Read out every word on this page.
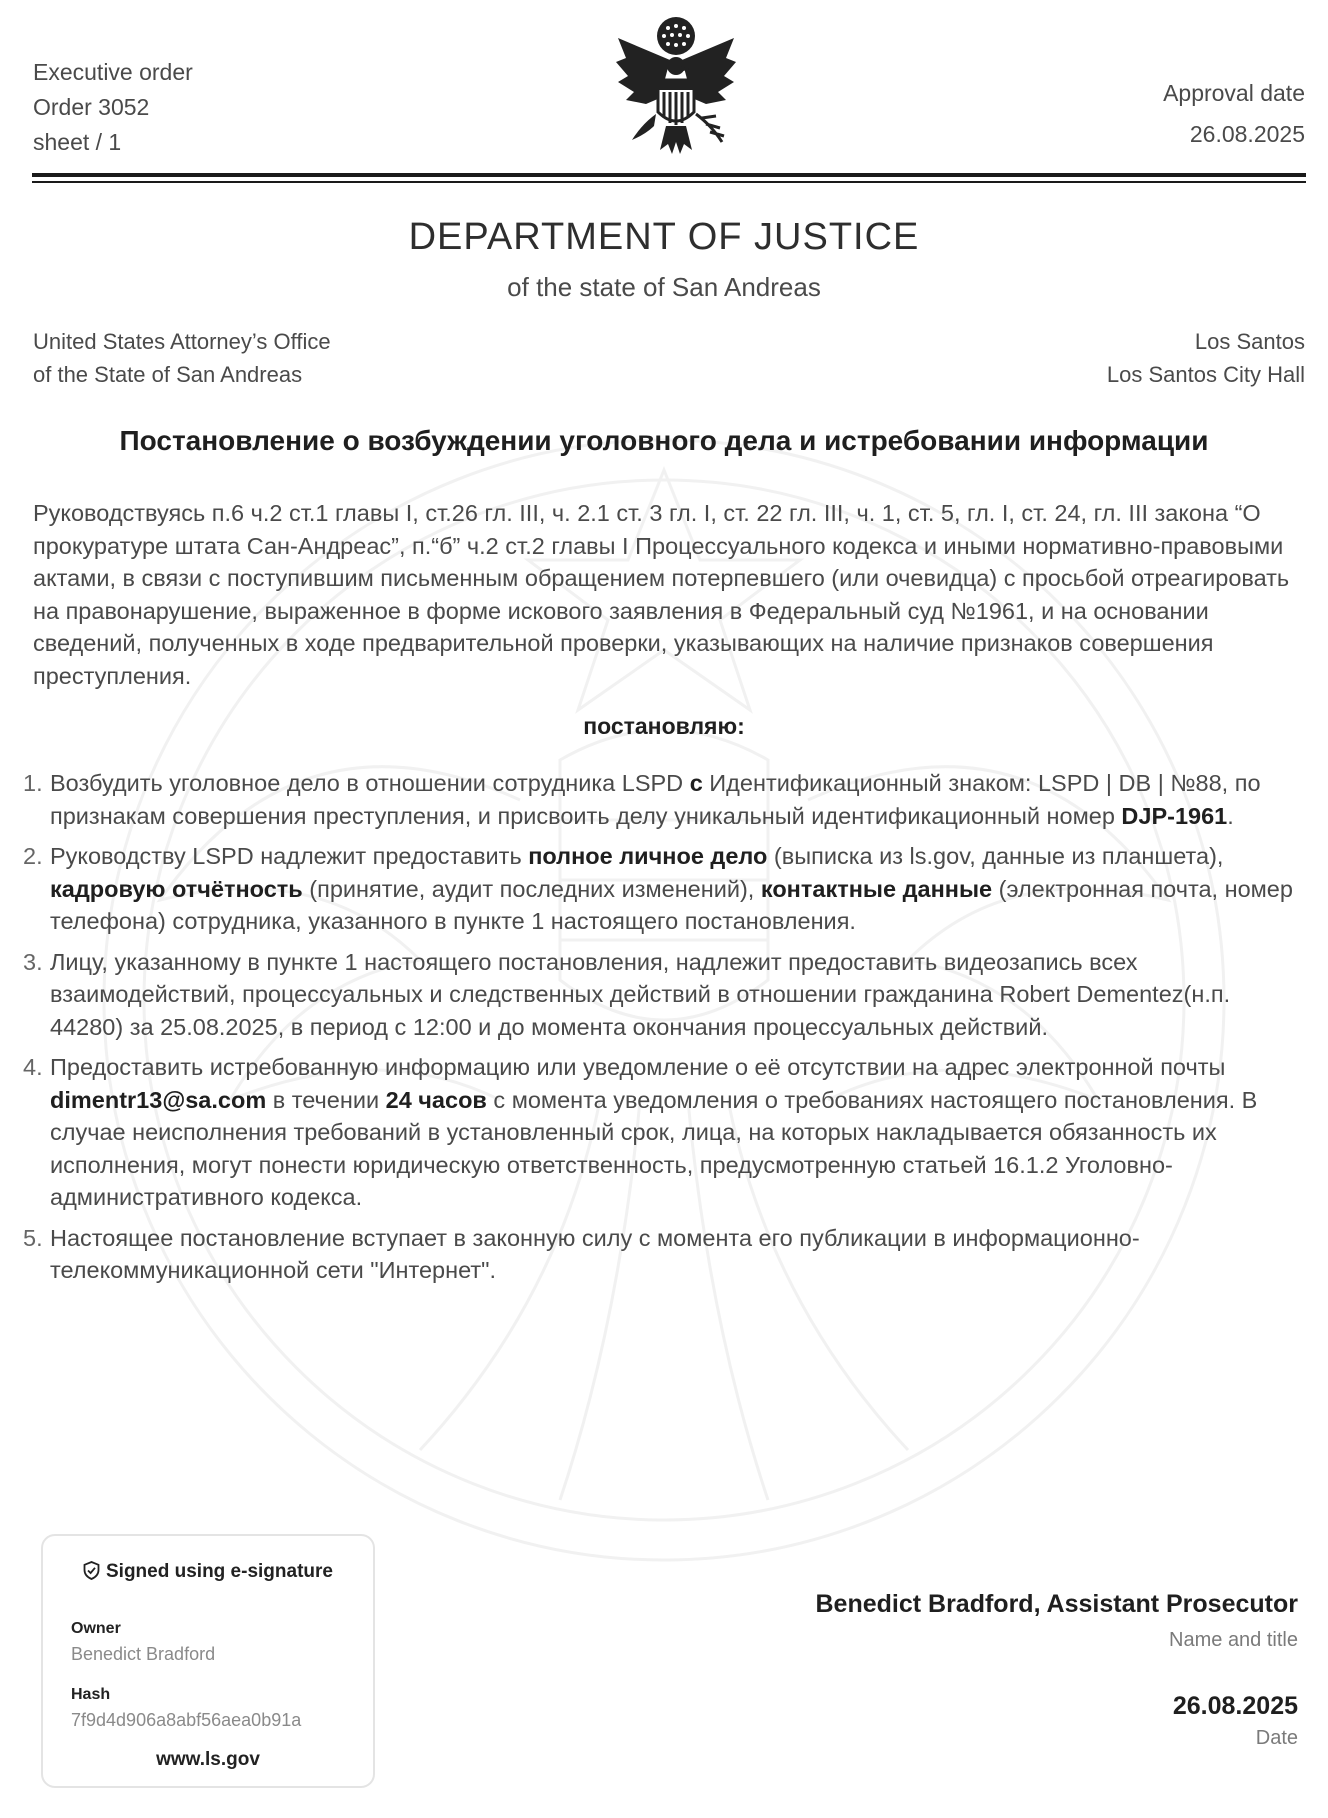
Executive order
Order 3052
sheet / 1
Approval date
26.08.2025
DEPARTMENT OF JUSTICE
of the state of San Andreas
United States Attorney’s Office
of the State of San Andreas
Los Santos
Los Santos City Hall
Постановление о возбуждении уголовного дела и истребовании информации

Руководствуясь п.6 ч.2 ст.1 главы I, ст.26 гл. III, ч. 2.1 ст. 3 гл. I, ст. 22 гл. III, ч. 1, ст. 5, гл. I, ст. 24, гл. III закона “О прокуратуре штата Сан-Андреас”, п.“б” ч.2 ст.2 главы I Процессуального кодекса и иными нормативно-правовыми актами, в связи с поступившим письменным обращением потерпевшего (или очевидца) с просьбой отреагировать на правонарушение, выраженное в форме искового заявления в Федеральный суд №1961, и на основании сведений, полученных в ходе предварительной проверки, указывающих на наличие признаков совершения преступления.

постановляю:
1. Возбудить уголовное дело в отношении сотрудника LSPD с Идентификационный знаком: LSPD | DB | №88, по признакам совершения преступления, и присвоить делу уникальный идентификационный номер DJP-1961.
2. Руководству LSPD надлежит предоставить полное личное дело (выписка из ls.gov, данные из планшета), кадровую отчётность (принятие, аудит последних изменений), контактные данные (электронная почта, номер телефона) сотрудника, указанного в пункте 1 настоящего постановления.
3. Лицу, указанному в пункте 1 настоящего постановления, надлежит предоставить видеозапись всех взаимодействий, процессуальных и следственных действий в отношении гражданина Robert Dementez(н.п. 44280) за 25.08.2025, в период с 12:00 и до момента окончания процессуальных действий.
4. Предоставить истребованную информацию или уведомление о её отсутствии на адрес электронной почты dimentr13@sa.com в течении 24 часов с момента уведомления о требованиях настоящего постановления. В случае неисполнения требований в установленный срок, лица, на которых накладывается обязанность их исполнения, могут понести юридическую ответственность, предусмотренную статьей 16.1.2 Уголовно-административного кодекса.
5. Настоящее постановление вступает в законную силу с момента его публикации в информационно-телекоммуникационной сети "Интернет".
Signed using e-signature
Owner
Benedict Bradford
Hash
7f9d4d906a8abf56aea0b91a
www.ls.gov
Benedict Bradford, Assistant Prosecutor
Name and title
26.08.2025
Date
